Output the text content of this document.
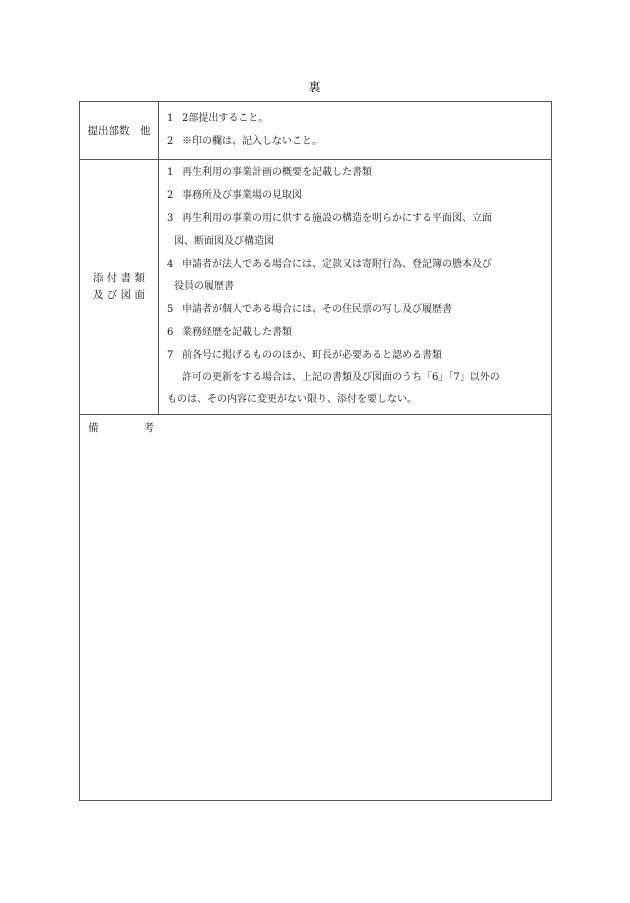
裏
提出部数　他
1 2部提出すること。
2 ※印の欄は、記入しないこと。
添 付 書 類
及 び 図 面
1 再生利用の事業計画の概要を記載した書類
2 事務所及び事業場の見取図
3 再生利用の事業の用に供する施設の構造を明らかにする平面図、立面
図、断面図及び構造図
4 申請者が法人である場合には、定款又は寄附行為、登記簿の謄本及び
役員の履歴書
5 申請者が個人である場合には、その住民票の写し及び履歴書
6 業務経歴を記載した書類
7 前各号に掲げるもののほか、町長が必要あると認める書類
許可の更新をする場合は、上記の書類及び図面のうち「6」「7」以外の
ものは、その内容に変更がない限り、添付を要しない。
備	考
